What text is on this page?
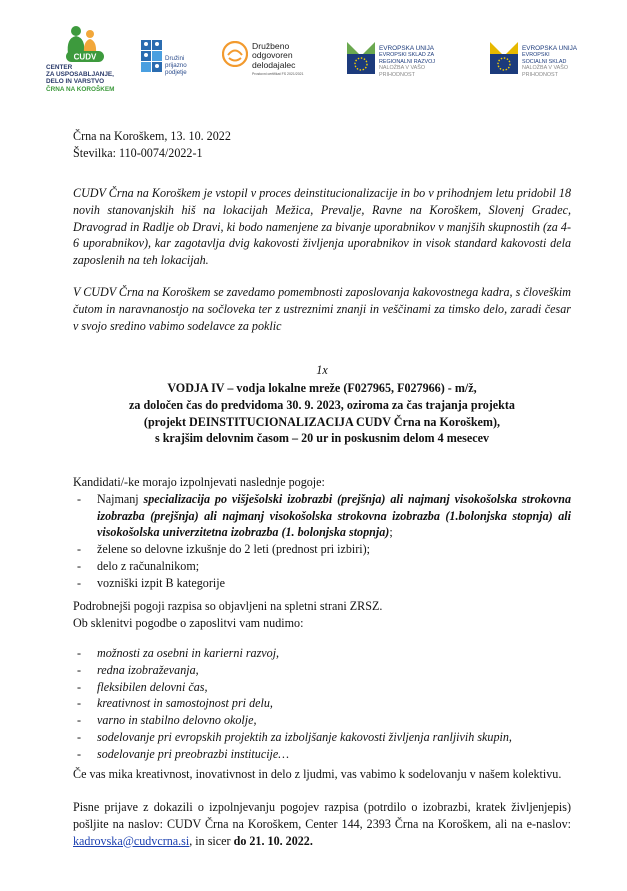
CUDV
CENTER
ZA USPOSABLJANJE,
DELO IN VARSTVO
ČRNA NA KOROŠKEM
Družini
prijazno
podjetje
Družbeno
odgovoren
delodajalec
Prostovni certifikat FS 2021/2021
EVROPSKA UNIJA
EVROPSKI SKLAD ZA
REGIONALNI RAZVOJ
NALOŽBA V VAŠO PRIHODNOST
EVROPSKA UNIJA
EVROPSKI
SOCIALNI SKLAD
NALOŽBA V VAŠO PRIHODNOST
Črna na Koroškem, 13. 10. 2022
Številka: 110-0074/2022-1
CUDV Črna na Koroškem je vstopil v proces deinstitucionalizacije in bo v prihodnjem letu pridobil 18 novih stanovanjskih hiš na lokacijah Mežica, Prevalje, Ravne na Koroškem, Slovenj Gradec, Dravograd in Radlje ob Dravi, ki bodo namenjene za bivanje uporabnikov v manjših skupnostih (za 4-6 uporabnikov), kar zagotavlja dvig kakovosti življenja uporabnikov in visok standard kakovosti dela zaposlenih na teh lokacijah.
V CUDV Črna na Koroškem se zavedamo pomembnosti zaposlovanja kakovostnega kadra, s človeškim čutom in naravnanostjo na sočloveka ter z ustreznimi znanji in veščinami za timsko delo, zaradi česar v svojo sredino vabimo sodelavce za poklic
1x
VODJA IV – vodja lokalne mreže (F027965, F027966) - m/ž,
za določen čas do predvidoma 30. 9. 2023, oziroma za čas trajanja projekta
(projekt DEINSTITUCIONALIZACIJA CUDV Črna na Koroškem),
s krajšim delovnim časom – 20 ur in poskusnim delom 4 mesecev
Kandidati/-ke morajo izpolnjevati naslednje pogoje:
- Najmanj specializacija po višješolski izobrazbi (prejšnja) ali najmanj visokošolska strokovna izobrazba (prejšnja) ali najmanj visokošolska strokovna izobrazba (1.bolonjska stopnja) ali visokošolska univerzitetna izobrazba (1. bolonjska stopnja);
- želene so delovne izkušnje do 2 leti (prednost pri izbiri);
- delo z računalnikom;
- vozniški izpit B kategorije
Podrobnejši pogoji razpisa so objavljeni na spletni strani ZRSZ.
Ob sklenitvi pogodbe o zaposlitvi vam nudimo:
- možnosti za osebni in karierni razvoj,
- redna izobraževanja,
- fleksibilen delovni čas,
- kreativnost in samostojnost pri delu,
- varno in stabilno delovno okolje,
- sodelovanje pri evropskih projektih za izboljšanje kakovosti življenja ranljivih skupin,
- sodelovanje pri preobrazbi institucije…
Če vas mika kreativnost, inovativnost in delo z ljudmi, vas vabimo k sodelovanju v našem kolektivu.
Pisne prijave z dokazili o izpolnjevanju pogojev razpisa (potrdilo o izobrazbi, kratek življenjepis) pošljite na naslov: CUDV Črna na Koroškem, Center 144, 2393 Črna na Koroškem, ali na e-naslov: kadrovska@cudvcrna.si, in sicer do 21. 10. 2022.
